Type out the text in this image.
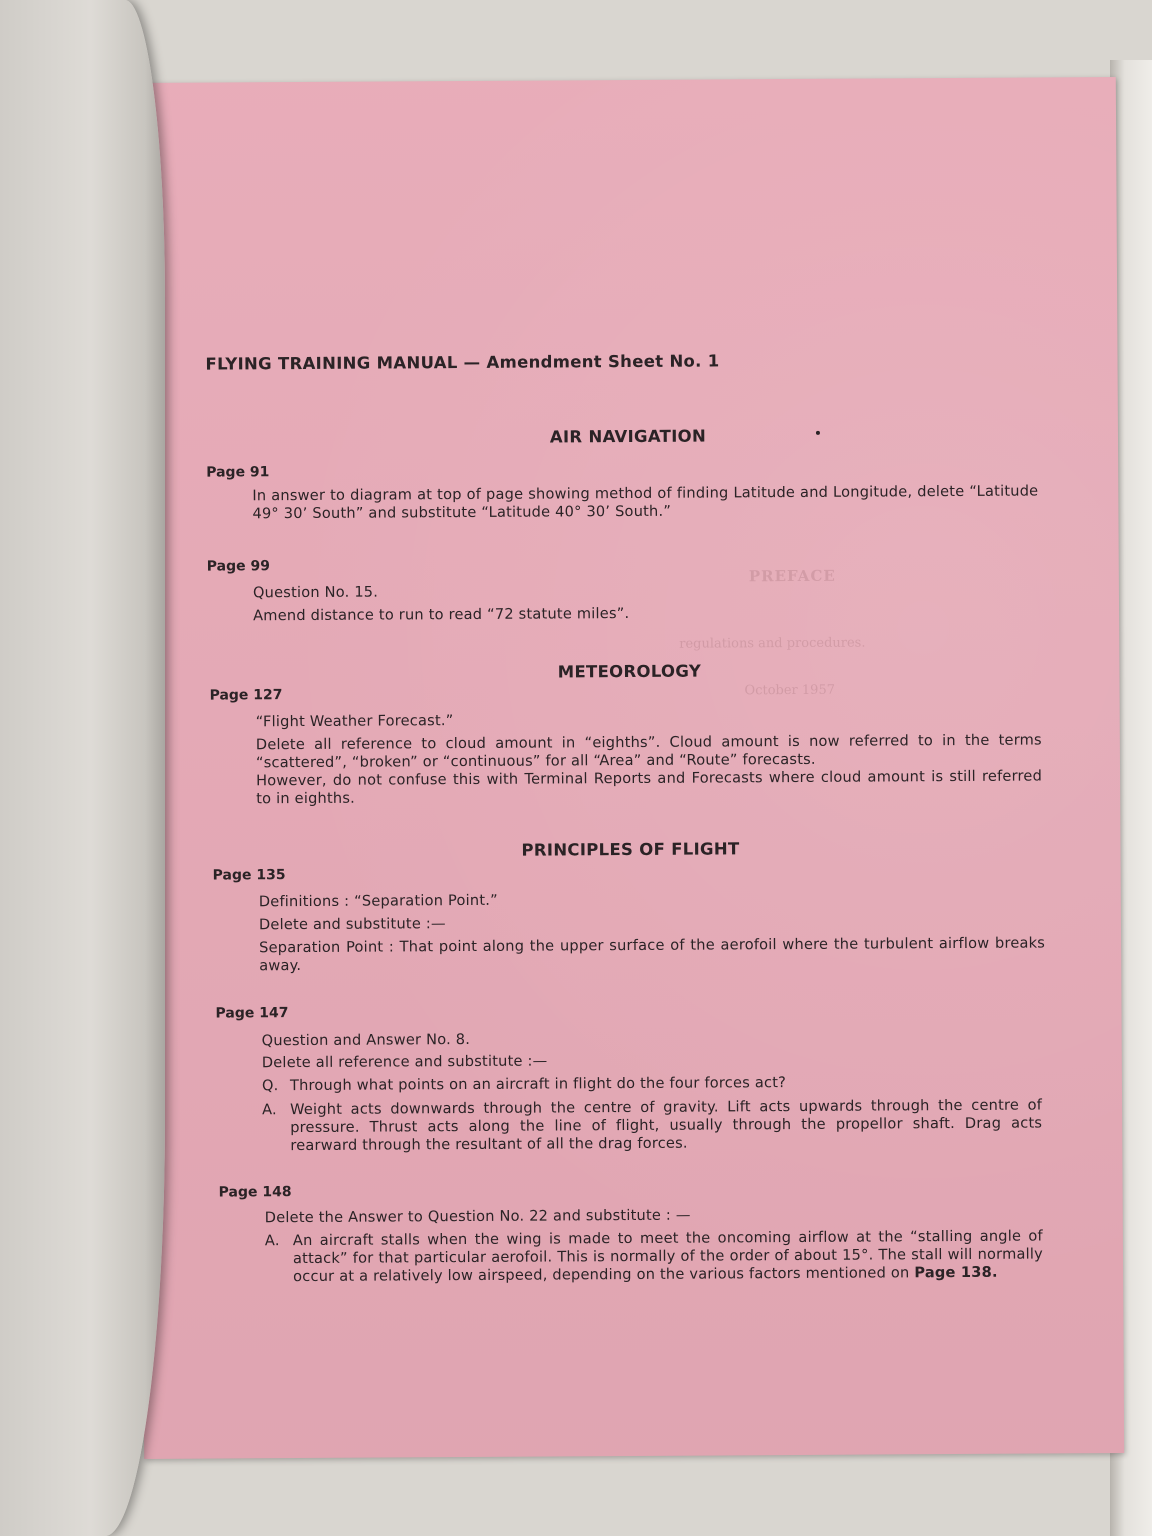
PREFACE
regulations and procedures.
October 1957
FLYING TRAINING MANUAL — Amendment Sheet No. 1
AIR NAVIGATION
Page 91
In answer to diagram at top of page showing method of finding Latitude and Longitude, delete “Latitude 49° 30’ South” and substitute “Latitude 40° 30’ South.”
Page 99
Question No. 15.
Amend distance to run to read “72 statute miles”.
METEOROLOGY
Page 127
“Flight Weather Forecast.”
Delete all reference to cloud amount in “eighths”. Cloud amount is now referred to in the terms “scattered”, “broken” or “continuous” for all “Area” and “Route” forecasts.
However, do not confuse this with Terminal Reports and Forecasts where cloud amount is still referred to in eighths.
PRINCIPLES OF FLIGHT
Page 135
Definitions : “Separation Point.”
Delete and substitute :—
Separation Point : That point along the upper surface of the aerofoil where the turbulent airflow breaks away.
Page 147
Question and Answer No. 8.
Delete all reference and substitute :—
Q. Through what points on an aircraft in flight do the four forces act?
A. Weight acts downwards through the centre of gravity. Lift acts upwards through the centre of pressure. Thrust acts along the line of flight, usually through the propellor shaft. Drag acts rearward through the resultant of all the drag forces.
Page 148
Delete the Answer to Question No. 22 and substitute : —
A. An aircraft stalls when the wing is made to meet the oncoming airflow at the “stalling angle of attack” for that particular aerofoil. This is normally of the order of about 15°. The stall will normally occur at a relatively low airspeed, depending on the various factors mentioned on Page 138.
